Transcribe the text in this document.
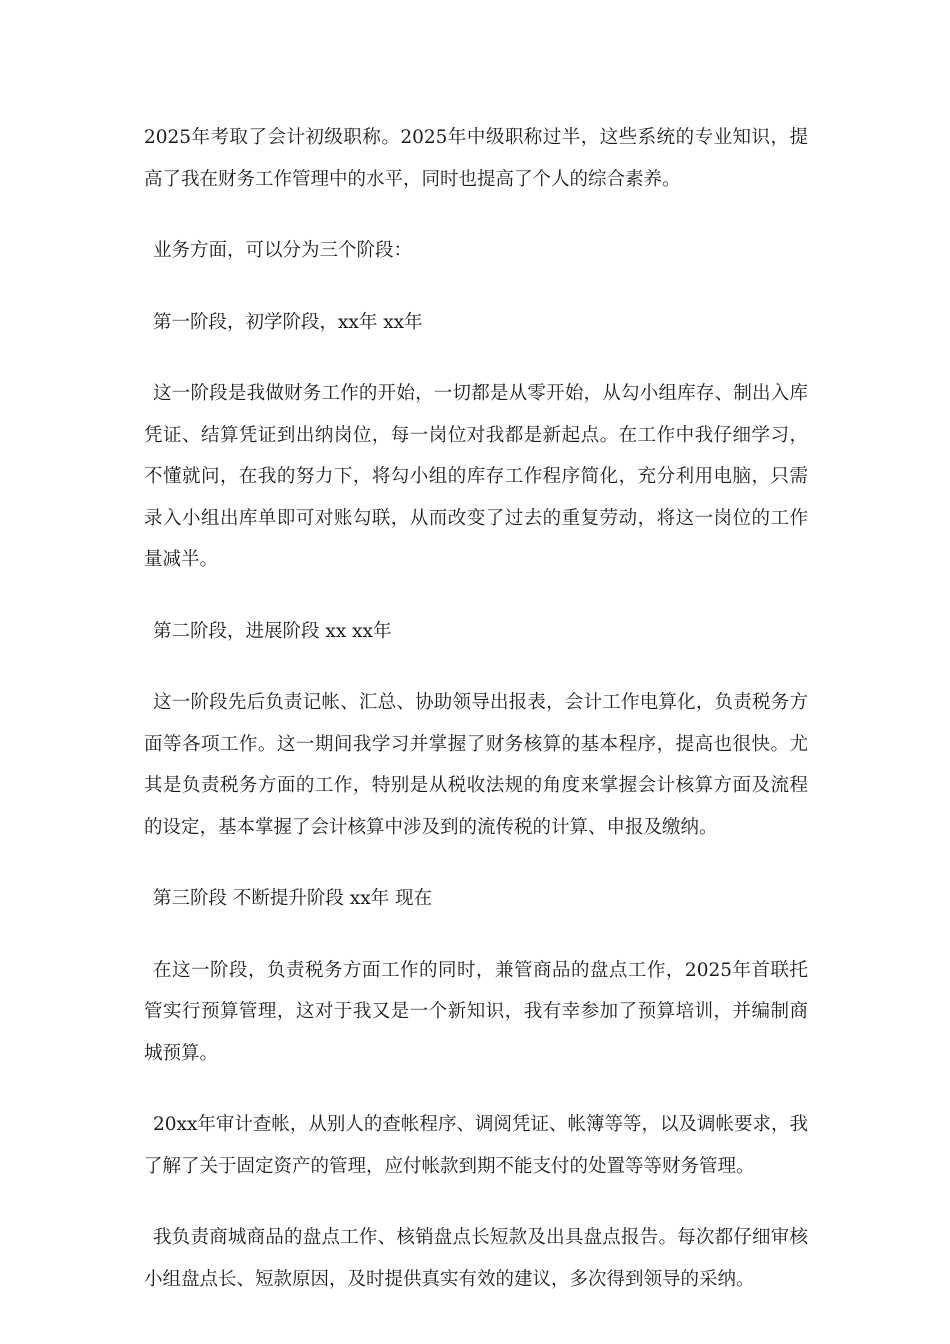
2025年考取了会计初级职称。2025年中级职称过半，这些系统的专业知识，提高了我在财务工作管理中的水平，同时也提高了个人的综合素养。

业务方面，可以分为三个阶段：

第一阶段，初学阶段，xx年 xx年

这一阶段是我做财务工作的开始，一切都是从零开始，从勾小组库存、制出入库凭证、结算凭证到出纳岗位，每一岗位对我都是新起点。在工作中我仔细学习，不懂就问，在我的努力下，将勾小组的库存工作程序简化，充分利用电脑，只需录入小组出库单即可对账勾联，从而改变了过去的重复劳动，将这一岗位的工作量减半。

第二阶段，进展阶段 xx xx年

这一阶段先后负责记帐、汇总、协助领导出报表，会计工作电算化，负责税务方面等各项工作。这一期间我学习并掌握了财务核算的基本程序，提高也很快。尤其是负责税务方面的工作，特别是从税收法规的角度来掌握会计核算方面及流程的设定，基本掌握了会计核算中涉及到的流传税的计算、申报及缴纳。

第三阶段 不断提升阶段 xx年 现在

在这一阶段，负责税务方面工作的同时，兼管商品的盘点工作，2025年首联托管实行预算管理，这对于我又是一个新知识，我有幸参加了预算培训，并编制商城预算。

20xx年审计查帐，从别人的查帐程序、调阅凭证、帐簿等等，以及调帐要求，我了解了关于固定资产的管理，应付帐款到期不能支付的处置等等财务管理。

我负责商城商品的盘点工作、核销盘点长短款及出具盘点报告。每次都仔细审核小组盘点长、短款原因，及时提供真实有效的建议，多次得到领导的采纳。
